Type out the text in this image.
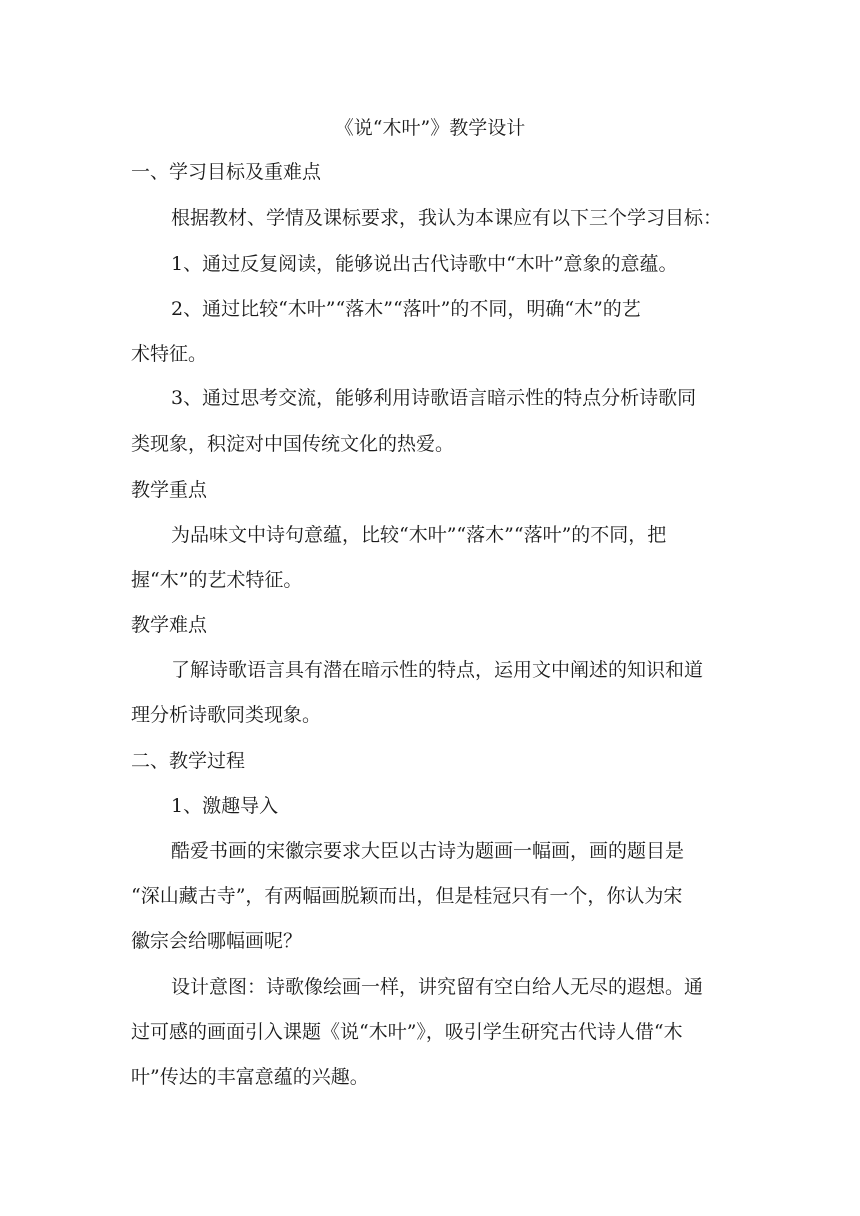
《说“木叶”》教学设计
一、学习目标及重难点
根据教材、学情及课标要求，我认为本课应有以下三个学习目标：
1、通过反复阅读，能够说出古代诗歌中“木叶”意象的意蕴。
2、通过比较“木叶”“落木”“落叶”的不同，明确“木”的艺
术特征。
3、通过思考交流，能够利用诗歌语言暗示性的特点分析诗歌同
类现象，积淀对中国传统文化的热爱。
教学重点
为品味文中诗句意蕴，比较“木叶”“落木”“落叶”的不同，把
握“木”的艺术特征。
教学难点
了解诗歌语言具有潜在暗示性的特点，运用文中阐述的知识和道
理分析诗歌同类现象。
二、教学过程
1、激趣导入
酷爱书画的宋徽宗要求大臣以古诗为题画一幅画，画的题目是
“深山藏古寺”，有两幅画脱颖而出，但是桂冠只有一个，你认为宋
徽宗会给哪幅画呢？
设计意图：诗歌像绘画一样，讲究留有空白给人无尽的遐想。通
过可感的画面引入课题《说“木叶”》，吸引学生研究古代诗人借“木
叶”传达的丰富意蕴的兴趣。
